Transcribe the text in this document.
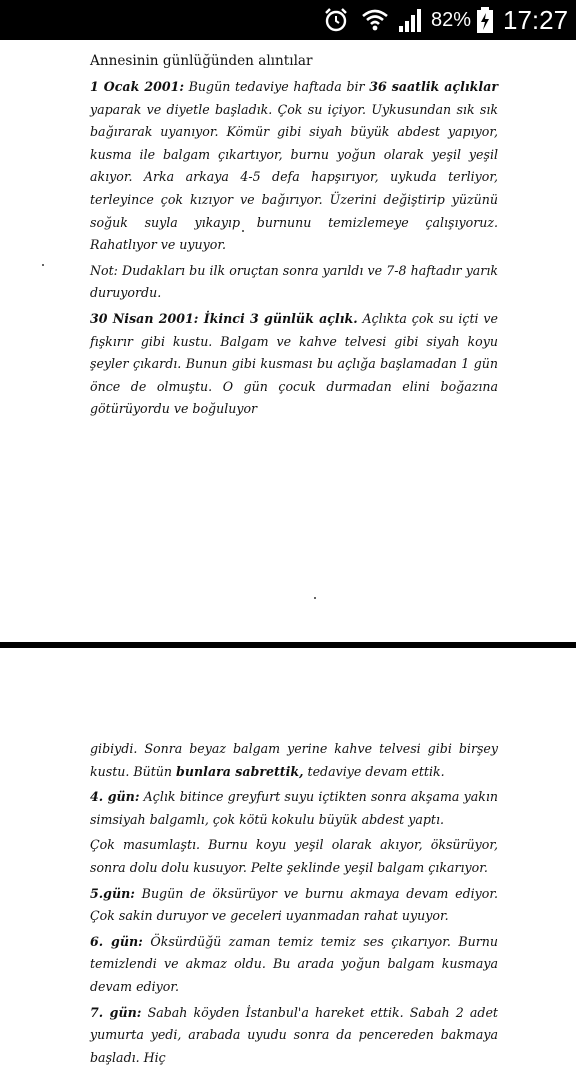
82% 17:27
Annesinin günlüğünden alıntılar

1 Ocak 2001: Bugün tedaviye haftada bir 36 saatlik açlıklar yaparak ve diyetle başladık. Çok su içiyor. Uykusundan sık sık bağırarak uyanıyor. Kömür gibi siyah büyük abdest yapıyor, kusma ile balgam çıkartıyor, burnu yoğun olarak yeşil yeşil akıyor. Arka arkaya 4-5 defa hapşırıyor, uykuda terliyor, terleyince çok kızıyor ve bağırıyor. Üzerini değiştirip yüzünü soğuk suyla yıkayıp burnunu temizlemeye çalışıyoruz. Rahatlıyor ve uyuyor.

Not: Dudakları bu ilk oruçtan sonra yarıldı ve 7-8 haftadır yarık duruyordu.

30 Nisan 2001: İkinci 3 günlük açlık. Açlıkta çok su içti ve fışkırır gibi kustu. Balgam ve kahve telvesi gibi siyah koyu şeyler çıkardı. Bunun gibi kusması bu açlığa başlamadan 1 gün önce de olmuştu. O gün çocuk durmadan elini boğazına götürüyordu ve boğuluyor

gibiydi. Sonra beyaz balgam yerine kahve telvesi gibi birşey kustu. Bütün bunlara sabrettik, tedaviye devam ettik.

4. gün: Açlık bitince greyfurt suyu içtikten sonra akşama yakın simsiyah balgamlı, çok kötü kokulu büyük abdest yaptı.

Çok masumlaştı. Burnu koyu yeşil olarak akıyor, öksürüyor, sonra dolu dolu kusuyor. Pelte şeklinde yeşil balgam çıkarıyor.

5.gün: Bugün de öksürüyor ve burnu akmaya devam ediyor. Çok sakin duruyor ve geceleri uyanmadan rahat uyuyor.

6. gün: Öksürdüğü zaman temiz temiz ses çıkarıyor. Burnu temizlendi ve akmaz oldu. Bu arada yoğun balgam kusmaya devam ediyor.

7. gün: Sabah köyden İstanbul'a hareket ettik. Sabah 2 adet yumurta yedi, arabada uyudu sonra da pencereden bakmaya başladı. Hiç
